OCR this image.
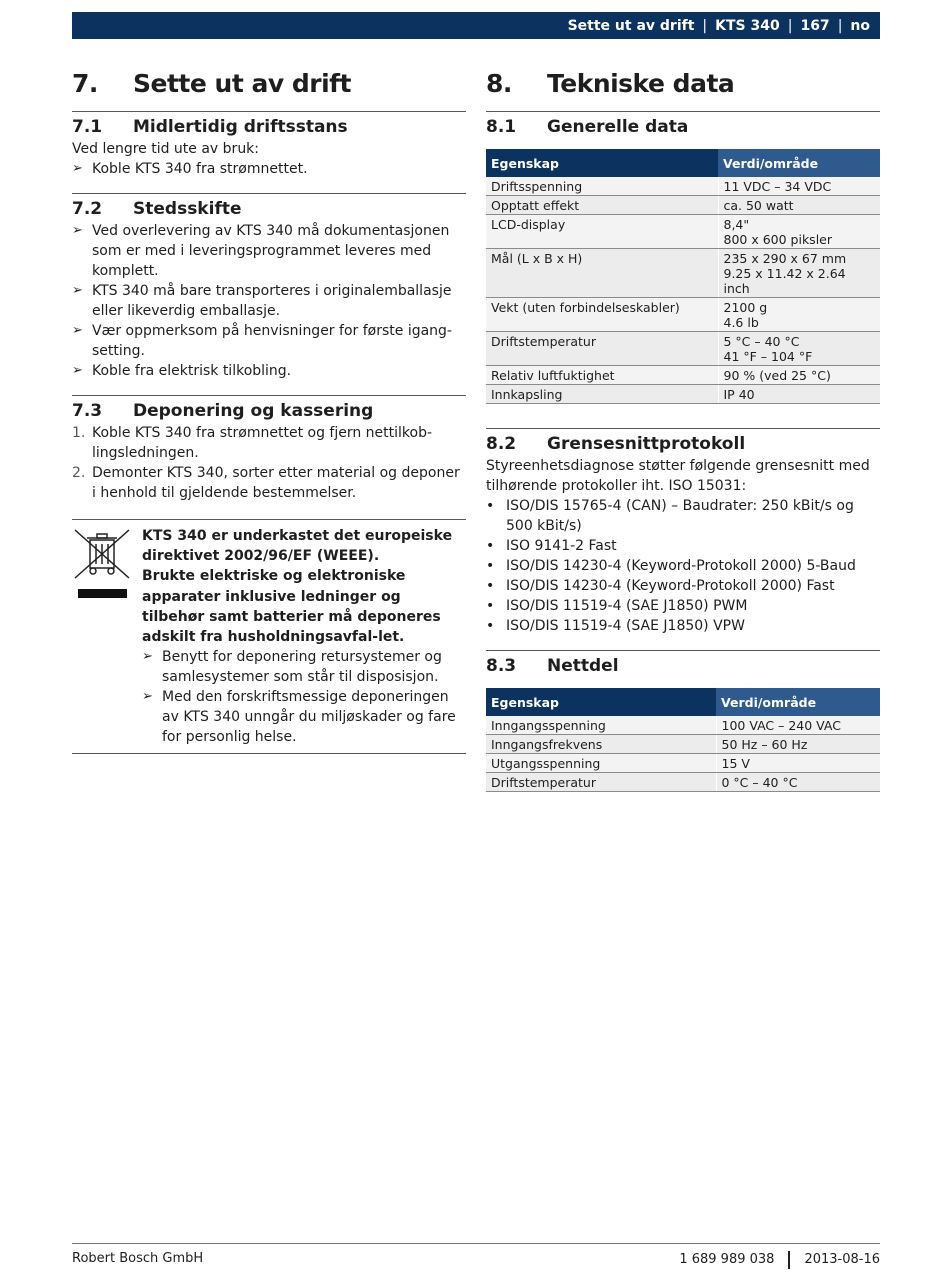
Sette ut av drift | KTS 340 | 167 | no
7.	Sette ut av drift
7.1	Midlertidig driftsstans
Ved lengre tid ute av bruk:
➢ Koble KTS 340 fra strømnettet.
7.2	Stedsskifte
➢ Ved overlevering av KTS 340 må dokumentasjonen som er med i leveringsprogrammet leveres med komplett.
➢ KTS 340 må bare transporteres i originalemballasje eller likeverdig emballasje.
➢ Vær oppmerksom på henvisninger for første igang-setting.
➢ Koble fra elektrisk tilkobling.
7.3	Deponering og kassering
1. Koble KTS 340 fra strømnettet og fjern nettilkob-lingsledningen.
2. Demonter KTS 340, sorter etter material og deponer i henhold til gjeldende bestemmelser.
KTS 340 er underkastet det europeiske direktivet 2002/96/EF (WEEE).
Brukte elektriske og elektroniske apparater inklusive ledninger og tilbehør samt batterier må deponeres adskilt fra husholdningsavfal-let.
➢ Benytt for deponering retursystemer og samlesystemer som står til disposisjon.
➢ Med den forskriftsmessige deponeringen av KTS 340 unngår du miljøskader og fare for personlig helse.
8.	Tekniske data
8.1	Generelle data
Egenskap	Verdi/område
Driftsspenning	11 VDC – 34 VDC
Opptatt effekt	ca. 50 watt
LCD-display	8,4"
800 x 600 piksler
Mål (L x B x H)	235 x 290 x 67 mm
9.25 x 11.42 x 2.64 inch
Vekt (uten forbindelseskabler)	2100 g
4.6 lb
Driftstemperatur	5 °C – 40 °C
41 °F – 104 °F
Relativ luftfuktighet	90 % (ved 25 °C)
Innkapsling	IP 40
8.2	Grensesnittprotokoll
Styreenhetsdiagnose støtter følgende grensesnitt med tilhørende protokoller iht. ISO 15031:
• ISO/DIS 15765-4 (CAN) – Baudrater: 250 kBit/s og 500 kBit/s)
• ISO 9141-2 Fast
• ISO/DIS 14230-4 (Keyword-Protokoll 2000) 5-Baud
• ISO/DIS 14230-4 (Keyword-Protokoll 2000) Fast
• ISO/DIS 11519-4 (SAE J1850) PWM
• ISO/DIS 11519-4 (SAE J1850) VPW
8.3	Nettdel
Egenskap	Verdi/område
Inngangsspenning	100 VAC – 240 VAC
Inngangsfrekvens	50 Hz – 60 Hz
Utgangsspenning	15 V
Driftstemperatur	0 °C – 40 °C
Robert Bosch GmbH	1 689 989 038 2013-08-16
